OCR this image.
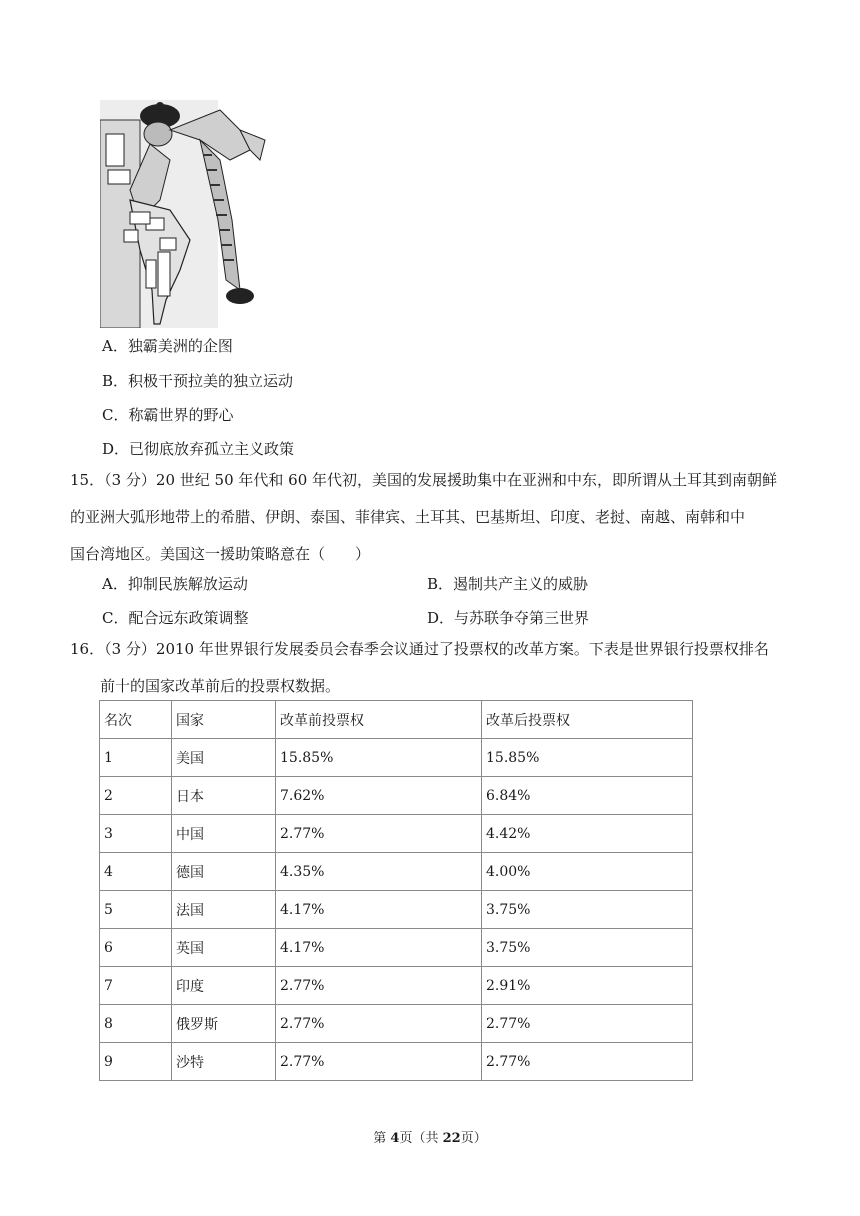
A．独霸美洲的企图
B．积极干预拉美的独立运动
C．称霸世界的野心
D．已彻底放弃孤立主义政策
15．（3 分）20 世纪 50 年代和 60 年代初，美国的发展援助集中在亚洲和中东，即所谓从土耳其到南朝鲜
的亚洲大弧形地带上的希腊、伊朗、泰国、菲律宾、土耳其、巴基斯坦、印度、老挝、南越、南韩和中
国台湾地区。美国这一援助策略意在（　　）
A．抑制民族解放运动	B．遏制共产主义的威胁
C．配合远东政策调整	D．与苏联争夺第三世界
16．（3 分）2010 年世界银行发展委员会春季会议通过了投票权的改革方案。下表是世界银行投票权排名
前十的国家改革前后的投票权数据。
名次	国家	改革前投票权	改革后投票权
1	美国	15.85%	15.85%
2	日本	7.62%	6.84%
3	中国	2.77%	4.42%
4	德国	4.35%	4.00%
5	法国	4.17%	3.75%
6	英国	4.17%	3.75%
7	印度	2.77%	2.91%
8	俄罗斯	2.77%	2.77%
9	沙特	2.77%	2.77%
第 4页（共 22页）
